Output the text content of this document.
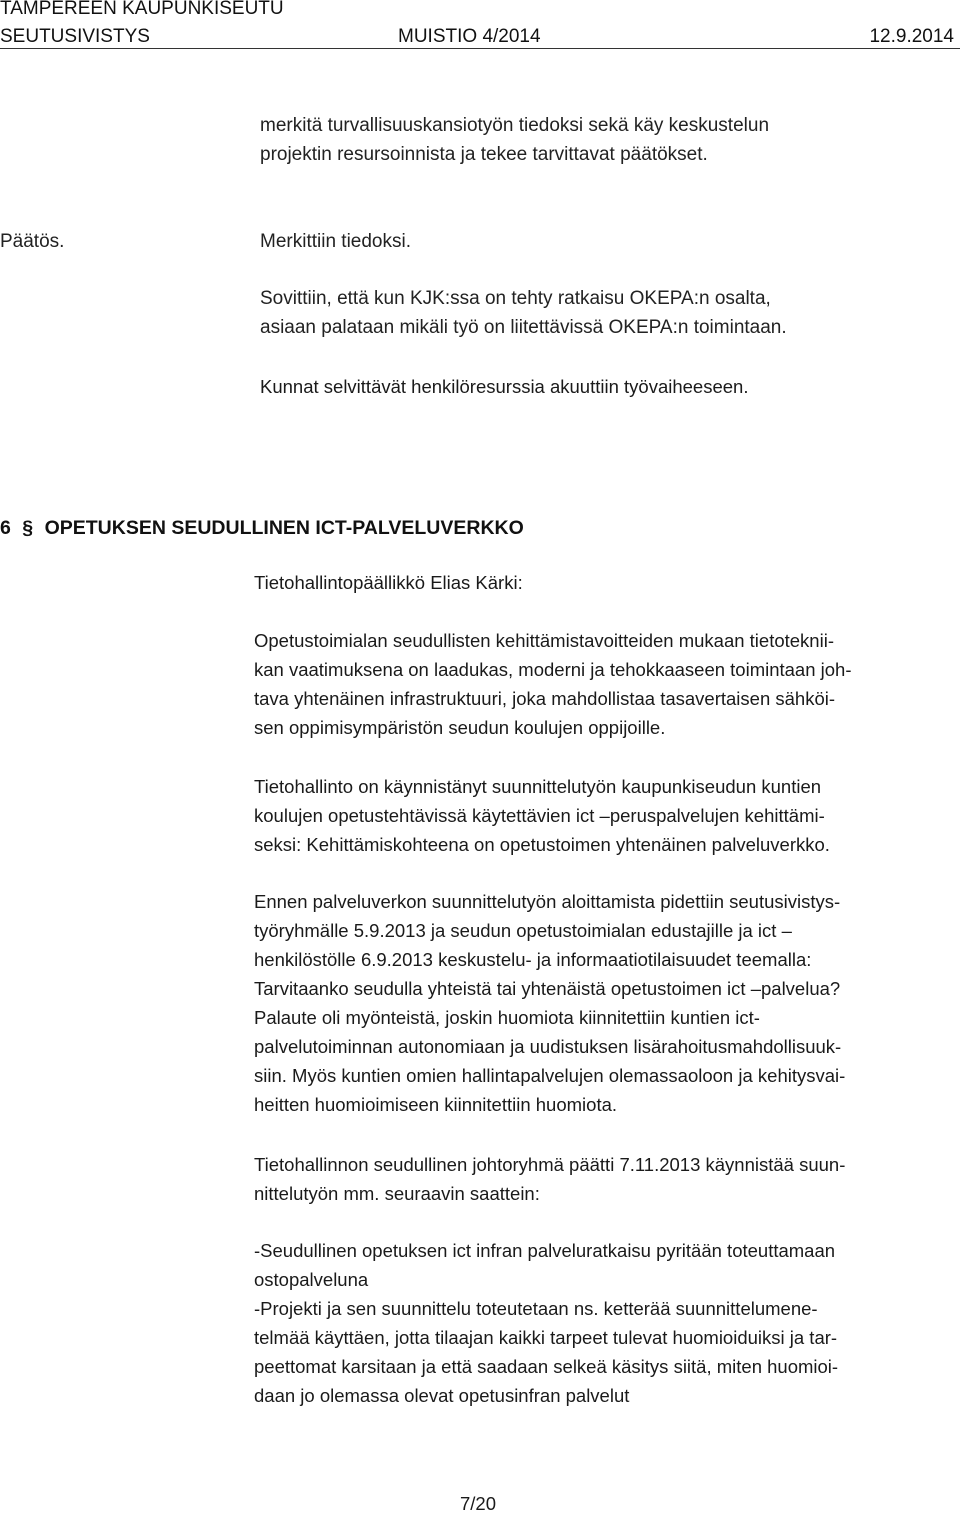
TAMPEREEN KAUPUNKISEUTU
SEUTUSIVISTYS	MUISTIO 4/2014	12.9.2014
merkitä turvallisuuskansiotyön tiedoksi sekä käy keskustelun
projektin resursoinnista ja tekee tarvittavat päätökset.
Päätös.	Merkittiin tiedoksi.
Sovittiin, että kun KJK:ssa on tehty ratkaisu OKEPA:n osalta,
asiaan palataan mikäli työ on liitettävissä OKEPA:n toimintaan.
Kunnat selvittävät henkilöresurssia akuuttiin työvaiheeseen.
6 § OPETUKSEN SEUDULLINEN ICT-PALVELUVERKKO
Tietohallintopäällikkö Elias Kärki:
Opetustoimialan seudullisten kehittämistavoitteiden mukaan tietoteknii-
kan vaatimuksena on laadukas, moderni ja tehokkaaseen toimintaan joh-
tava yhtenäinen infrastruktuuri, joka mahdollistaa tasavertaisen sähköi-
sen oppimisympäristön seudun koulujen oppijoille.
Tietohallinto on käynnistänyt suunnittelutyön kaupunkiseudun kuntien
koulujen opetustehtävissä käytettävien ict –peruspalvelujen kehittämi-
seksi: Kehittämiskohteena on opetustoimen yhtenäinen palveluverkko.
Ennen palveluverkon suunnittelutyön aloittamista pidettiin seutusivistys-
työryhmälle 5.9.2013 ja seudun opetustoimialan edustajille ja ict –
henkilöstölle 6.9.2013 keskustelu- ja informaatiotilaisuudet teemalla:
Tarvitaanko seudulla yhteistä tai yhtenäistä opetustoimen ict –palvelua?
Palaute oli myönteistä, joskin huomiota kiinnitettiin kuntien ict-
palvelutoiminnan autonomiaan ja uudistuksen lisärahoitusmahdollisuuk-
siin. Myös kuntien omien hallintapalvelujen olemassaoloon ja kehitysvai-
heitten huomioimiseen kiinnitettiin huomiota.
Tietohallinnon seudullinen johtoryhmä päätti 7.11.2013 käynnistää suun-
nittelutyön mm. seuraavin saattein:
-Seudullinen opetuksen ict infran palveluratkaisu pyritään toteuttamaan
ostopalveluna
-Projekti ja sen suunnittelu toteutetaan ns. ketterää suunnittelumene-
telmää käyttäen, jotta tilaajan kaikki tarpeet tulevat huomioiduiksi ja tar-
peettomat karsitaan ja että saadaan selkeä käsitys siitä, miten huomioi-
daan jo olemassa olevat opetusinfran palvelut
7/20
